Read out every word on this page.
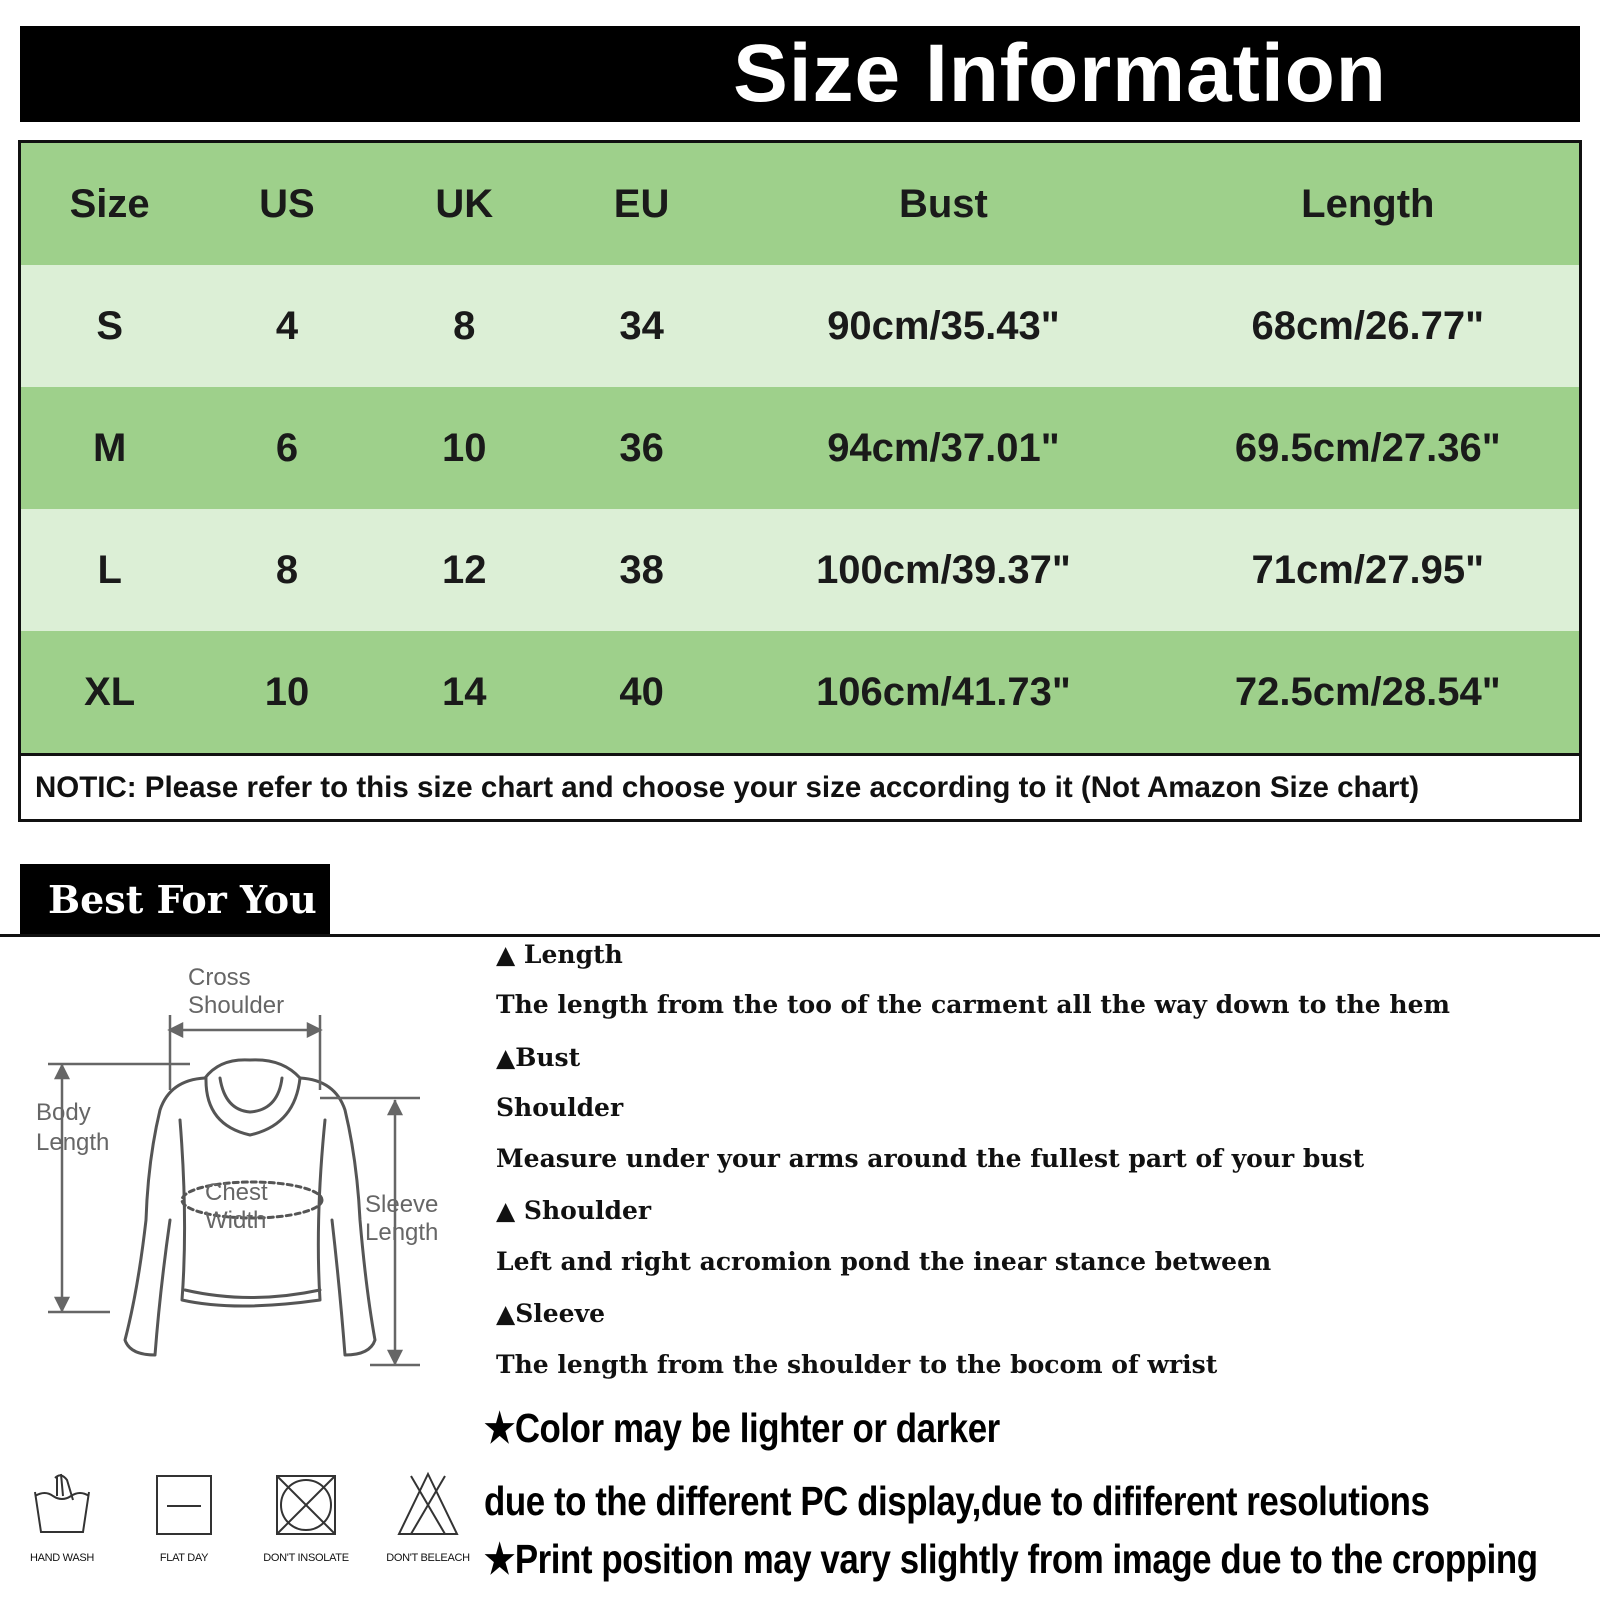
Size Information
Size	US	UK	EU	Bust	Length
S	4	8	34	90cm/35.43"	68cm/26.77"
M	6	10	36	94cm/37.01"	69.5cm/27.36"
L	8	12	38	100cm/39.37"	71cm/27.95"
XL	10	14	40	106cm/41.73"	72.5cm/28.54"
NOTIC: Please refer to this size chart and choose your size according to it (Not Amazon Size chart)
Best For You
Cross
Shoulder
Body
Length
Chest
Width
Sleeve
Length
HAND WASH	FLAT DAY	DON'T INSOLATE	DON'T BELEACH
▲ Length
The length from the too of the carment all the way down to the hem
▲Bust
Shoulder
Measure under your arms around the fullest part of your bust
▲ Shoulder
Left and right acromion pond the inear stance between
▲Sleeve
The length from the shoulder to the bocom of wrist
★Color may be lighter or darker
due to the different PC display,due to dififerent resolutions
★Print position may vary slightly from image due to the cropping
